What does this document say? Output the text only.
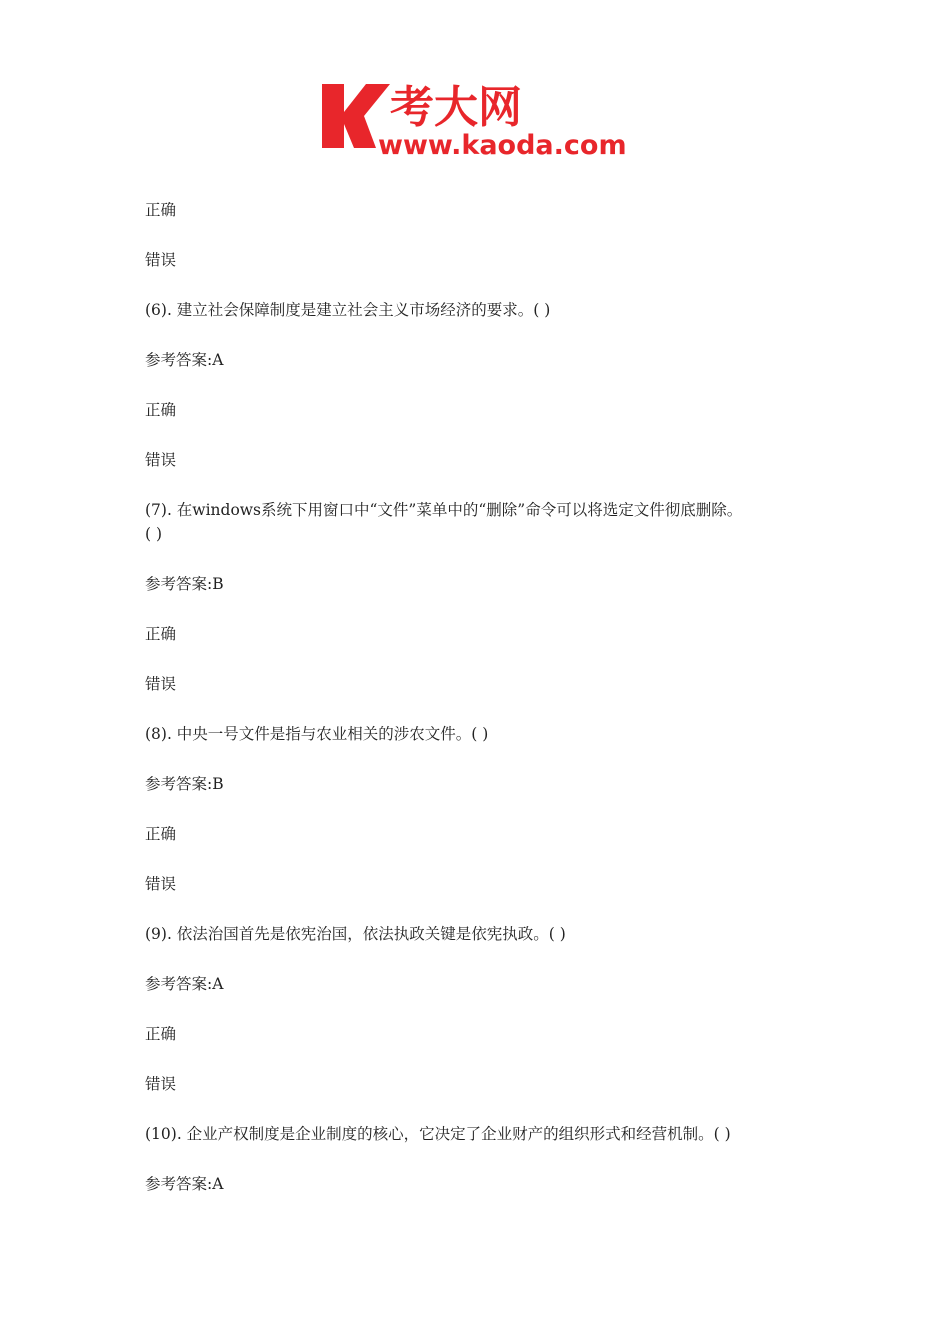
考大网
www.kaoda.com

正确

错误

(6). 建立社会保障制度是建立社会主义市场经济的要求。( )

参考答案:A

正确

错误

(7). 在windows系统下用窗口中“文件”菜单中的“删除”命令可以将选定文件彻底删除。

( )

参考答案:B

正确

错误

(8). 中央一号文件是指与农业相关的涉农文件。( )

参考答案:B

正确

错误

(9). 依法治国首先是依宪治国，依法执政关键是依宪执政。( )

参考答案:A

正确

错误

(10). 企业产权制度是企业制度的核心，它决定了企业财产的组织形式和经营机制。( )

参考答案:A
